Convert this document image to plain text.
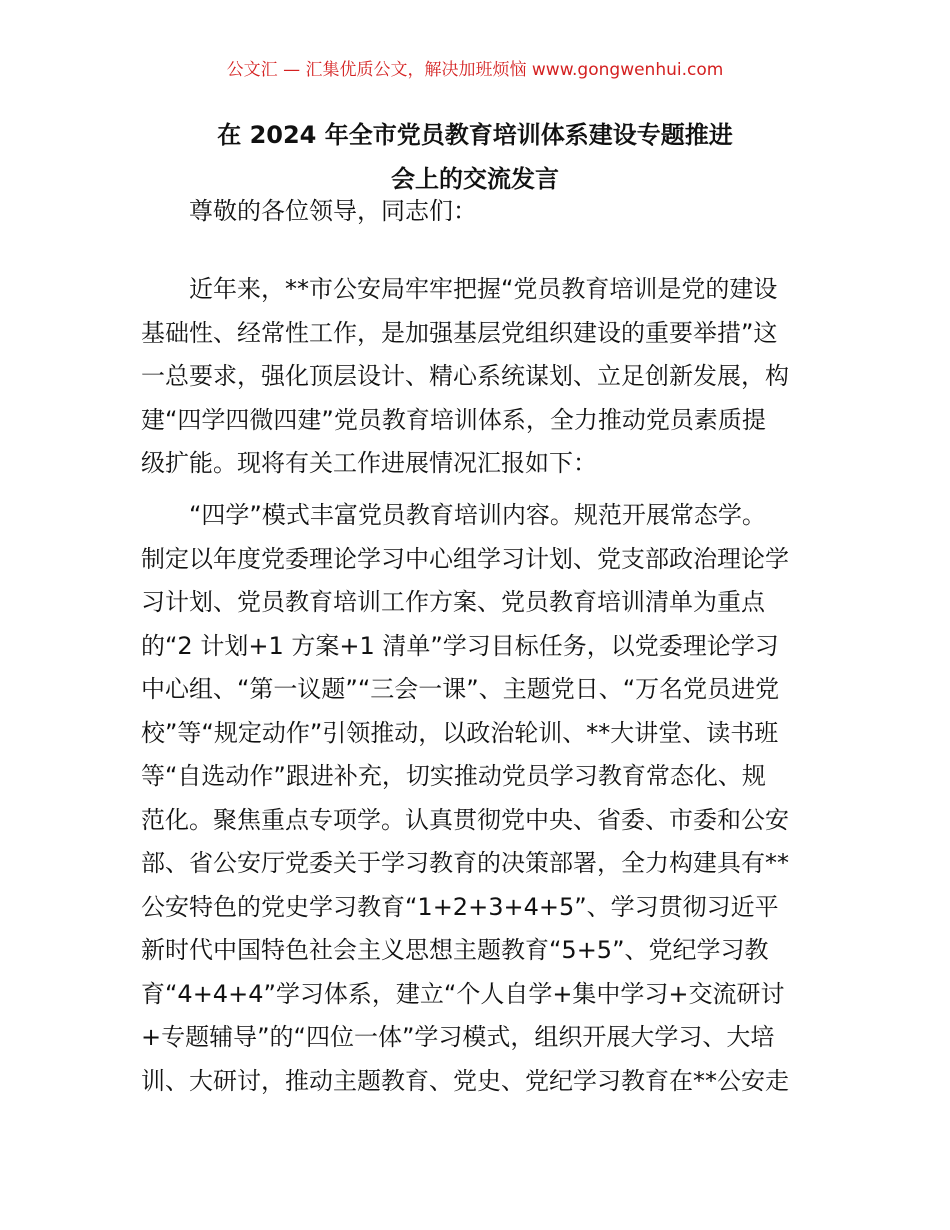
公文汇 — 汇集优质公文，解决加班烦恼 www.gongwenhui.com
在 2024 年全市党员教育培训体系建设专题推进
会上的交流发言
尊敬的各位领导，同志们：
近年来，**市公安局牢牢把握“党员教育培训是党的建设
基础性、经常性工作，是加强基层党组织建设的重要举措”这
一总要求，强化顶层设计、精心系统谋划、立足创新发展，构
建“四学四微四建”党员教育培训体系，全力推动党员素质提
级扩能。现将有关工作进展情况汇报如下：
“四学”模式丰富党员教育培训内容。规范开展常态学。
制定以年度党委理论学习中心组学习计划、党支部政治理论学
习计划、党员教育培训工作方案、党员教育培训清单为重点
的“2 计划+1 方案+1 清单”学习目标任务，以党委理论学习
中心组、“第一议题”“三会一课”、主题党日、“万名党员进党
校”等“规定动作”引领推动，以政治轮训、**大讲堂、读书班
等“自选动作”跟进补充，切实推动党员学习教育常态化、规
范化。聚焦重点专项学。认真贯彻党中央、省委、市委和公安
部、省公安厅党委关于学习教育的决策部署，全力构建具有**
公安特色的党史学习教育“1+2+3+4+5”、学习贯彻习近平
新时代中国特色社会主义思想主题教育“5+5”、党纪学习教
育“4+4+4”学习体系，建立“个人自学+集中学习+交流研讨
+专题辅导”的“四位一体”学习模式，组织开展大学习、大培
训、大研讨，推动主题教育、党史、党纪学习教育在**公安走
